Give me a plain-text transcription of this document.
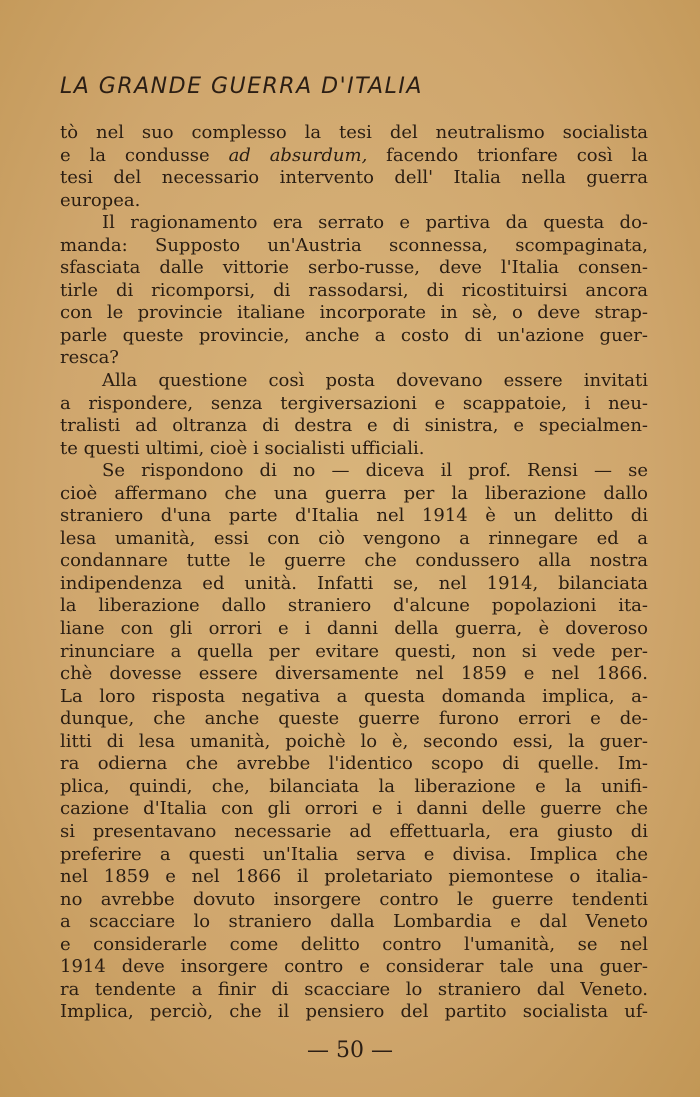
LA GRANDE GUERRA D'ITALIA
tò nel suo complesso la tesi del neutralismo socialista
e la condusse ad absurdum, facendo trionfare così la
tesi del necessario intervento dell' Italia nella guerra
europea.
Il ragionamento era serrato e partiva da questa do-
manda: Supposto un'Austria sconnessa, scompaginata,
sfasciata dalle vittorie serbo-russe, deve l'Italia consen-
tirle di ricomporsi, di rassodarsi, di ricostituirsi ancora
con le provincie italiane incorporate in sè, o deve strap-
parle queste provincie, anche a costo di un'azione guer-
resca?
Alla questione così posta dovevano essere invitati
a rispondere, senza tergiversazioni e scappatoie, i neu-
tralisti ad oltranza di destra e di sinistra, e specialmen-
te questi ultimi, cioè i socialisti ufficiali.
Se rispondono di no — diceva il prof. Rensi — se
cioè affermano che una guerra per la liberazione dallo
straniero d'una parte d'Italia nel 1914 è un delitto di
lesa umanità, essi con ciò vengono a rinnegare ed a
condannare tutte le guerre che condussero alla nostra
indipendenza ed unità. Infatti se, nel 1914, bilanciata
la liberazione dallo straniero d'alcune popolazioni ita-
liane con gli orrori e i danni della guerra, è doveroso
rinunciare a quella per evitare questi, non si vede per-
chè dovesse essere diversamente nel 1859 e nel 1866.
La loro risposta negativa a questa domanda implica, a-
dunque, che anche queste guerre furono errori e de-
litti di lesa umanità, poichè lo è, secondo essi, la guer-
ra odierna che avrebbe l'identico scopo di quelle. Im-
plica, quindi, che, bilanciata la liberazione e la unifi-
cazione d'Italia con gli orrori e i danni delle guerre che
si presentavano necessarie ad effettuarla, era giusto di
preferire a questi un'Italia serva e divisa. Implica che
nel 1859 e nel 1866 il proletariato piemontese o italia-
no avrebbe dovuto insorgere contro le guerre tendenti
a scacciare lo straniero dalla Lombardia e dal Veneto
e considerarle come delitto contro l'umanità, se nel
1914 deve insorgere contro e considerar tale una guer-
ra tendente a finir di scacciare lo straniero dal Veneto.
Implica, perciò, che il pensiero del partito socialista uf-
— 50 —
